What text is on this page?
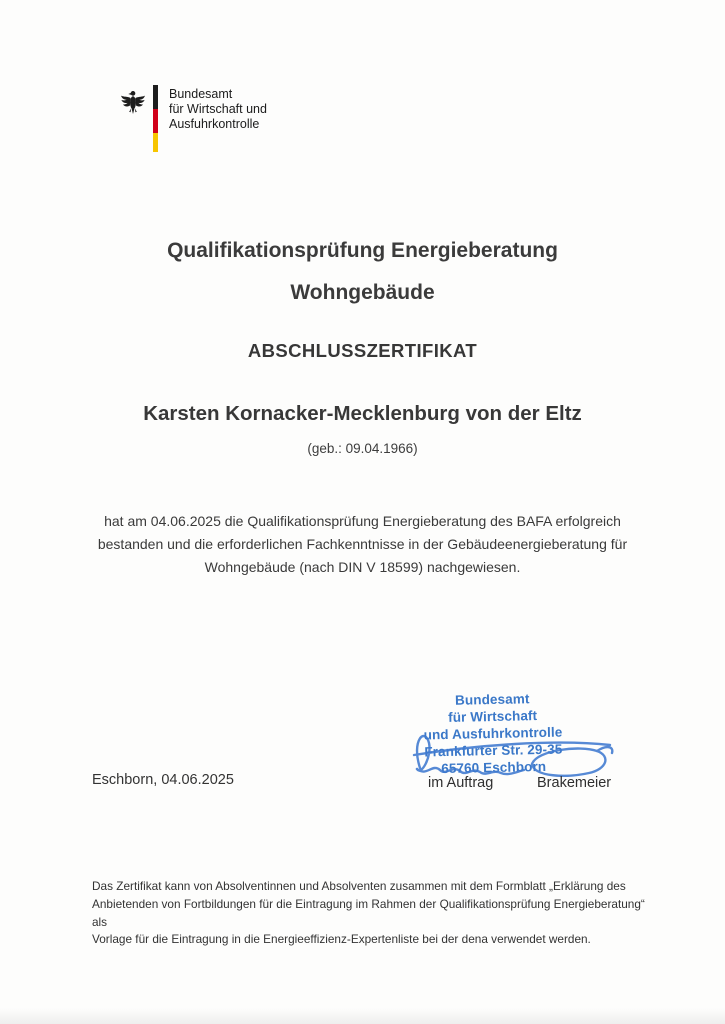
Bundesamt
für Wirtschaft und
Ausfuhrkontrolle
Qualifikationsprüfung Energieberatung
Wohngebäude
ABSCHLUSSZERTIFIKAT
Karsten Kornacker-Mecklenburg von der Eltz
(geb.: 09.04.1966)
hat am 04.06.2025 die Qualifikationsprüfung Energieberatung des BAFA erfolgreich
bestanden und die erforderlichen Fachkenntnisse in der Gebäudeenergieberatung für
Wohngebäude (nach DIN V 18599) nachgewiesen.
Bundesamt
für Wirtschaft
und Ausfuhrkontrolle
Frankfurter Str. 29-35
65760 Eschborn
im Auftrag	Brakemeier
Eschborn, 04.06.2025
Das Zertifikat kann von Absolventinnen und Absolventen zusammen mit dem Formblatt „Erklärung des
Anbietenden von Fortbildungen für die Eintragung im Rahmen der Qualifikationsprüfung Energieberatung“ als
Vorlage für die Eintragung in die Energieeffizienz-Expertenliste bei der dena verwendet werden.
